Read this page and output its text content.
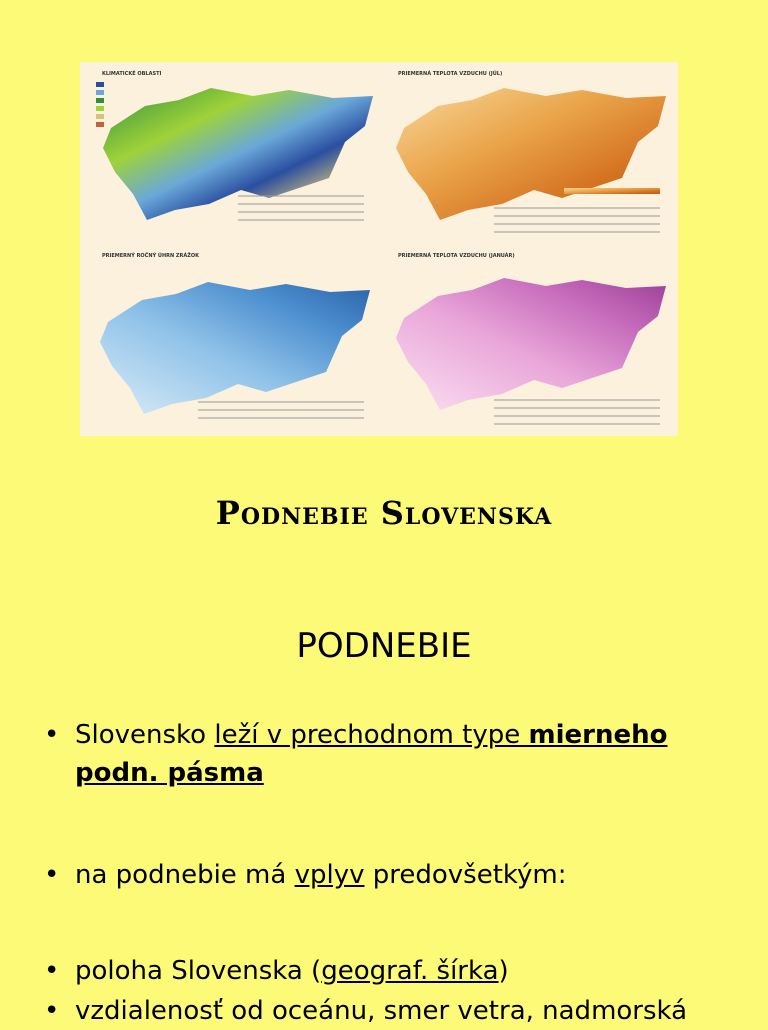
KLIMATICKÉ OBLASTI	PRIEMERNÁ TEPLOTA VZDUCHU (JÚL)
PRIEMERNÝ ROČNÝ ÚHRN ZRÁŽOK	PRIEMERNÁ TEPLOTA VZDUCHU (JANUÁR)
Podnebie Slovenska
PODNEBIE
• Slovensko leží v prechodnom type mierneho
podn. pásma
• na podnebie má vplyv predovšetkým:
• poloha Slovenska (geograf. šírka)
• vzdialenosť od oceánu, smer vetra, nadmorská
